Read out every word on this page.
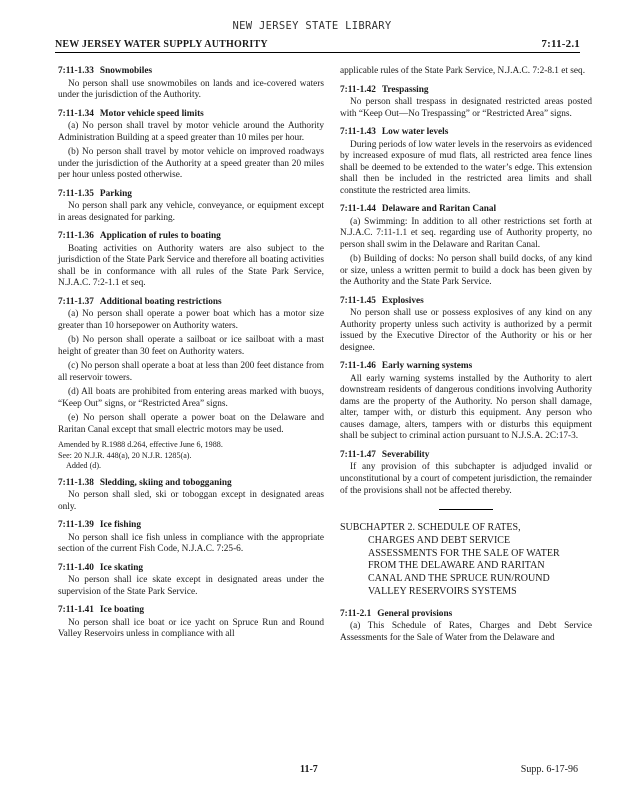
NEW JERSEY STATE LIBRARY
NEW JERSEY WATER SUPPLY AUTHORITY	7:11-2.1
7:11-1.33 Snowmobiles

No person shall use snowmobiles on lands and ice-covered waters under the jurisdiction of the Authority.

7:11-1.34 Motor vehicle speed limits

(a) No person shall travel by motor vehicle around the Authority Administration Building at a speed greater than 10 miles per hour.

(b) No person shall travel by motor vehicle on improved roadways under the jurisdiction of the Authority at a speed greater than 20 miles per hour unless posted otherwise.

7:11-1.35 Parking

No person shall park any vehicle, conveyance, or equipment except in areas designated for parking.

7:11-1.36 Application of rules to boating

Boating activities on Authority waters are also subject to the jurisdiction of the State Park Service and therefore all boating activities shall be in conformance with all rules of the State Park Service, N.J.A.C. 7:2-1.1 et seq.

7:11-1.37 Additional boating restrictions

(a) No person shall operate a power boat which has a motor size greater than 10 horsepower on Authority waters.

(b) No person shall operate a sailboat or ice sailboat with a mast height of greater than 30 feet on Authority waters.

(c) No person shall operate a boat at less than 200 feet distance from all reservoir towers.

(d) All boats are prohibited from entering areas marked with buoys, “Keep Out” signs, or “Restricted Area” signs.

(e) No person shall operate a power boat on the Delaware and Raritan Canal except that small electric motors may be used.

Amended by R.1988 d.264, effective June 6, 1988.
See: 20 N.J.R. 448(a), 20 N.J.R. 1285(a).
Added (d).
7:11-1.38 Sledding, skiing and tobogganing

No person shall sled, ski or toboggan except in designated areas only.

7:11-1.39 Ice fishing

No person shall ice fish unless in compliance with the appropriate section of the current Fish Code, N.J.A.C. 7:25-6.

7:11-1.40 Ice skating

No person shall ice skate except in designated areas under the supervision of the State Park Service.

7:11-1.41 Ice boating

No person shall ice boat or ice yacht on Spruce Run and Round Valley Reservoirs unless in compliance with all

applicable rules of the State Park Service, N.J.A.C. 7:2-8.1 et seq.

7:11-1.42 Trespassing

No person shall trespass in designated restricted areas posted with “Keep Out—No Trespassing” or “Restricted Area” signs.

7:11-1.43 Low water levels

During periods of low water levels in the reservoirs as evidenced by increased exposure of mud flats, all restricted area fence lines shall be deemed to be extended to the water’s edge. This extension shall then be included in the restricted area limits and shall constitute the restricted area limits.

7:11-1.44 Delaware and Raritan Canal

(a) Swimming: In addition to all other restrictions set forth at N.J.A.C. 7:11-1.1 et seq. regarding use of Authority property, no person shall swim in the Delaware and Raritan Canal.

(b) Building of docks: No person shall build docks, of any kind or size, unless a written permit to build a dock has been given by the Authority and the State Park Service.

7:11-1.45 Explosives

No person shall use or possess explosives of any kind on any Authority property unless such activity is authorized by a permit issued by the Executive Director of the Authority or his or her designee.

7:11-1.46 Early warning systems

All early warning systems installed by the Authority to alert downstream residents of dangerous conditions involving Authority dams are the property of the Authority. No person shall damage, alter, tamper with, or disturb this equipment. Any person who causes damage, alters, tampers with or disturbs this equipment shall be subject to criminal action pursuant to N.J.S.A. 2C:17-3.

7:11-1.47 Severability

If any provision of this subchapter is adjudged invalid or unconstitutional by a court of competent jurisdiction, the remainder of the provisions shall not be affected thereby.

SUBCHAPTER 2. SCHEDULE OF RATES,
CHARGES AND DEBT SERVICE
ASSESSMENTS FOR THE SALE OF WATER
FROM THE DELAWARE AND RARITAN
CANAL AND THE SPRUCE RUN/ROUND
VALLEY RESERVOIRS SYSTEMS
7:11-2.1 General provisions

(a) This Schedule of Rates, Charges and Debt Service Assessments for the Sale of Water from the Delaware and

11-7	Supp. 6-17-96
